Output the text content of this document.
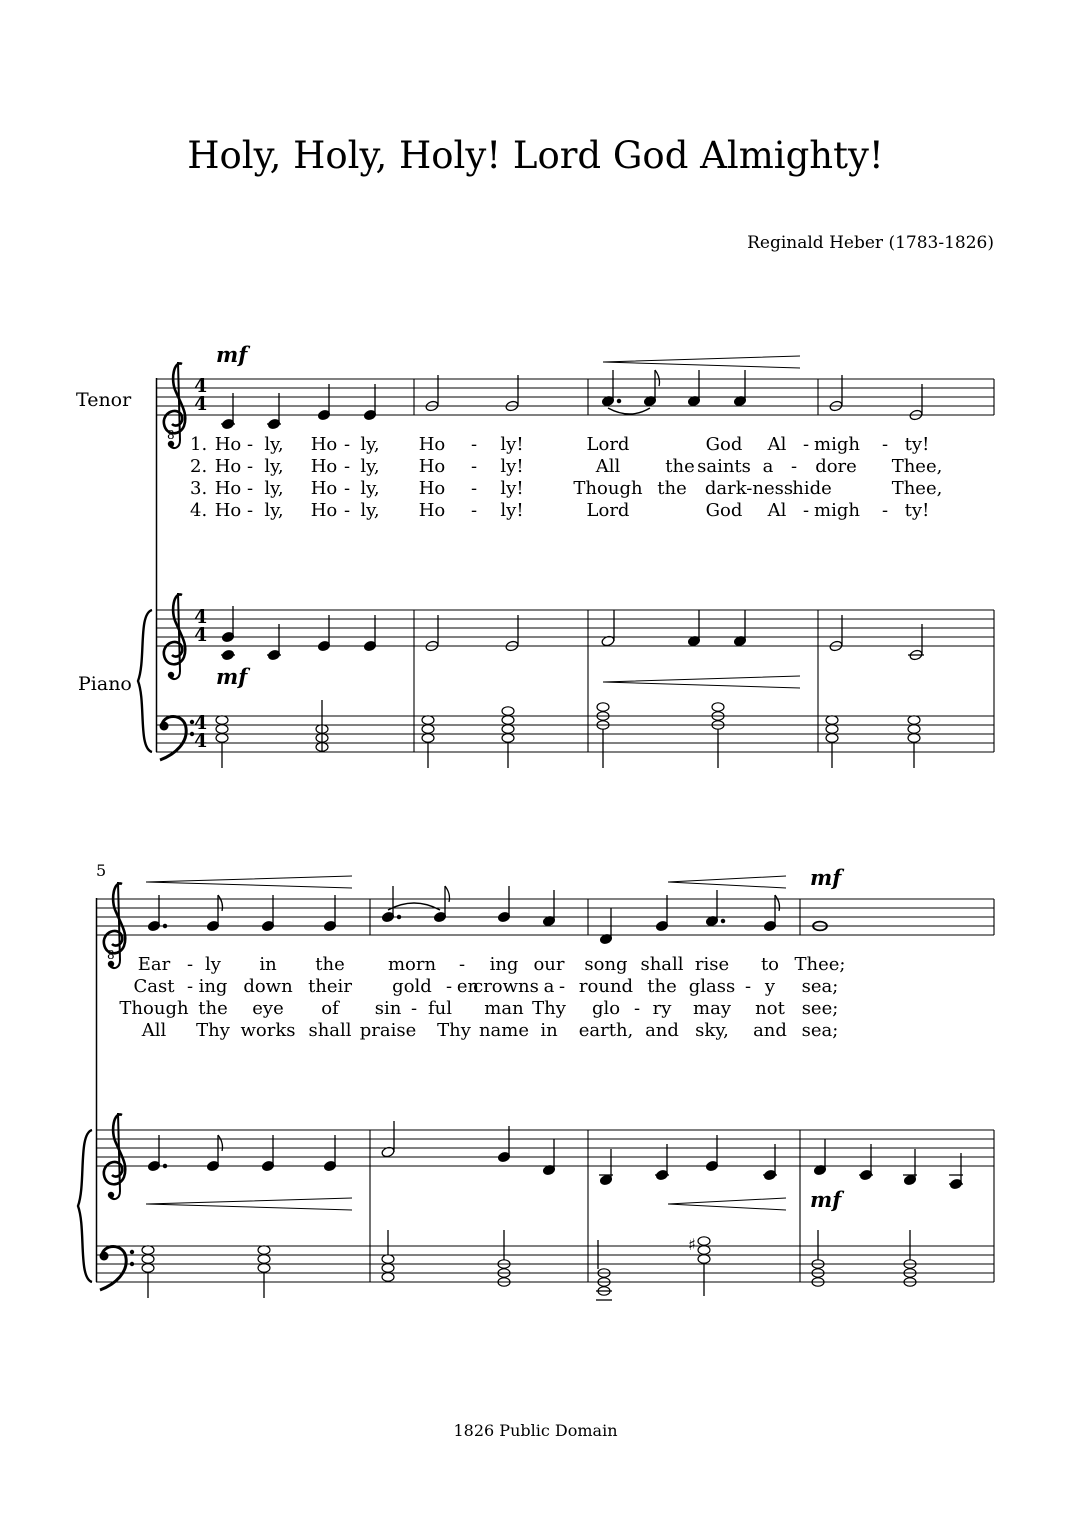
Holy, Holy, Holy! Lord God Almighty!
Reginald Heber (1783-1826)
1826 Public Domain
Tenor
Piano
8
4
4
mf
1.
2.
3.
4.
Ho - ly, Ho - ly, Ho - ly!	Lord	God Al - migh - ty!
Ho - ly, Ho - ly, Ho - ly!	All	the saints a - dore Thee,
Ho - ly, Ho - ly, Ho - ly!	Though the dark-ness hide	Thee,
Ho - ly, Ho - ly, Ho - ly!	Lord	God Al - migh - ty!
4
4
4
4
mf
5
8
mf
Ear - ly in the morn - ing our song shall rise to Thee;
Cast - ing down their gold - en
crowns a - round the glass - y sea;
Though the eye of sin - ful man Thy glo - ry may not see;
All Thy works shall praise Thy name in earth, and sky, and sea;
mf
♯
